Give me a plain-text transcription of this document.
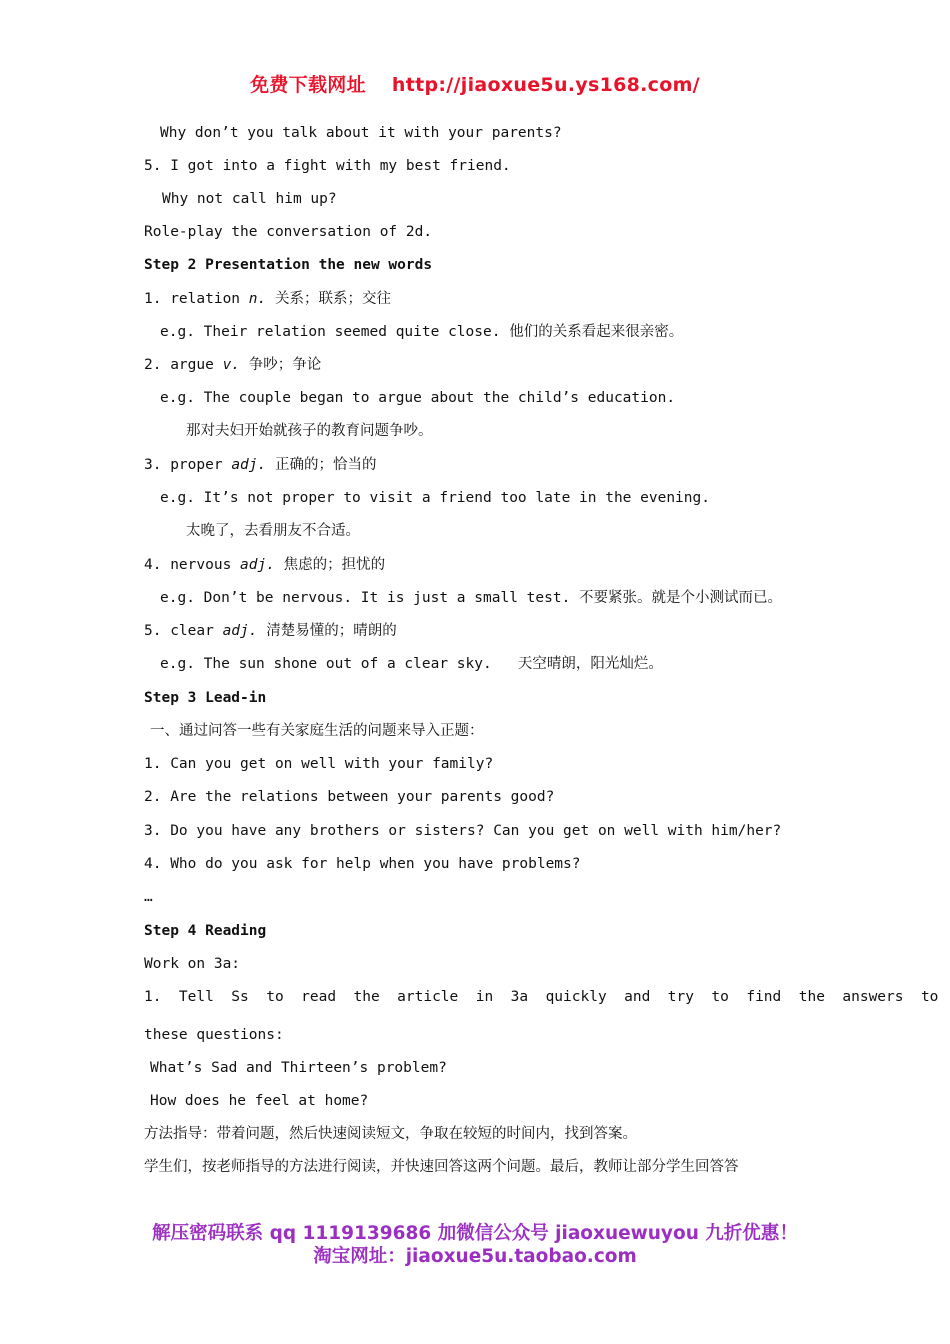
免费下载网址 http://jiaoxue5u.ys168.com/
Why don’t you talk about it with your parents?
5. I got into a fight with my best friend.
Why not call him up?
Role-play the conversation of 2d.
Step 2 Presentation the new words
1. relation n. 关系；联系；交往
e.g. Their relation seemed quite close. 他们的关系看起来很亲密。
2. argue v. 争吵；争论
e.g. The couple began to argue about the child’s education.
那对夫妇开始就孩子的教育问题争吵。
3. proper adj. 正确的；恰当的
e.g. It’s not proper to visit a friend too late in the evening.
太晚了，去看朋友不合适。
4. nervous adj. 焦虑的；担忧的
e.g. Don’t be nervous. It is just a small test. 不要紧张。就是个小测试而已。
5. clear adj. 清楚易懂的；晴朗的
e.g. The sun shone out of a clear sky.   天空晴朗，阳光灿烂。
Step 3 Lead-in
一、通过问答一些有关家庭生活的问题来导入正题：
1. Can you get on well with your family?
2. Are the relations between your parents good?
3. Do you have any brothers or sisters? Can you get on well with him/her?
4. Who do you ask for help when you have problems?
…
Step 4 Reading
Work on 3a:
1.  Tell  Ss  to  read  the  article  in  3a  quickly  and  try  to  find  the  answers  to
these questions:
What’s Sad and Thirteen’s problem?
How does he feel at home?
方法指导：带着问题，然后快速阅读短文，争取在较短的时间内，找到答案。
学生们，按老师指导的方法进行阅读，并快速回答这两个问题。最后，教师让部分学生回答答
解压密码联系 qq 1119139686 加微信公众号 jiaoxuewuyou 九折优惠！
淘宝网址：jiaoxue5u.taobao.com
